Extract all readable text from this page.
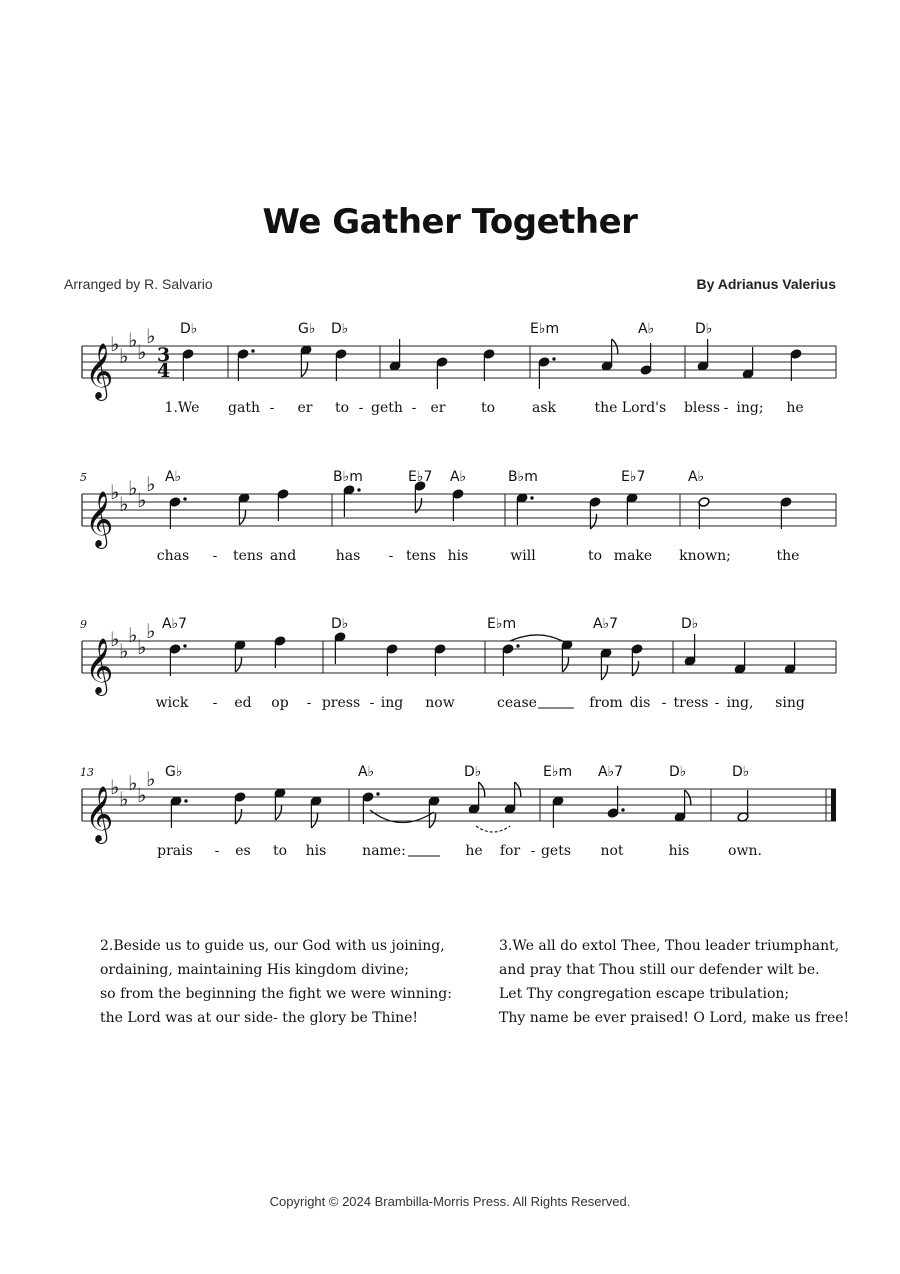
We Gather Together
Arranged by R. Salvario	By Adrianus Valerius
𝄞
♭ ♭
♭ ♭
♭
3
4
D♭	G♭ D♭	E♭m	A♭	D♭
1.We gath - er to - geth - er	to	ask	the Lord's bless - ing; he
𝄞
♭ ♭
♭ ♭
♭
5	A♭	B♭m	E♭7 A♭	B♭m	E♭7	A♭
chas - tens and	has - tens his	will	to make known;	the
𝄞
♭ ♭
♭ ♭
♭
9	A♭7	D♭	E♭m	A♭7	D♭
wick - ed op - press - ing now	cease	from dis - tress - ing, sing
𝄞
♭ ♭
♭ ♭
♭
13	G♭	A♭	D♭	E♭m A♭7	D♭	D♭
prais - es to his	name:	he for - gets not	his	own.
2.Beside us to guide us, our God with us joining,
ordaining, maintaining His kingdom divine;
so from the beginning the fight we were winning:
the Lord was at our side- the glory be Thine!
3.We all do extol Thee, Thou leader triumphant,
and pray that Thou still our defender wilt be.
Let Thy congregation escape tribulation;
Thy name be ever praised! O Lord, make us free!
Copyright © 2024 Brambilla-Morris Press. All Rights Reserved.
